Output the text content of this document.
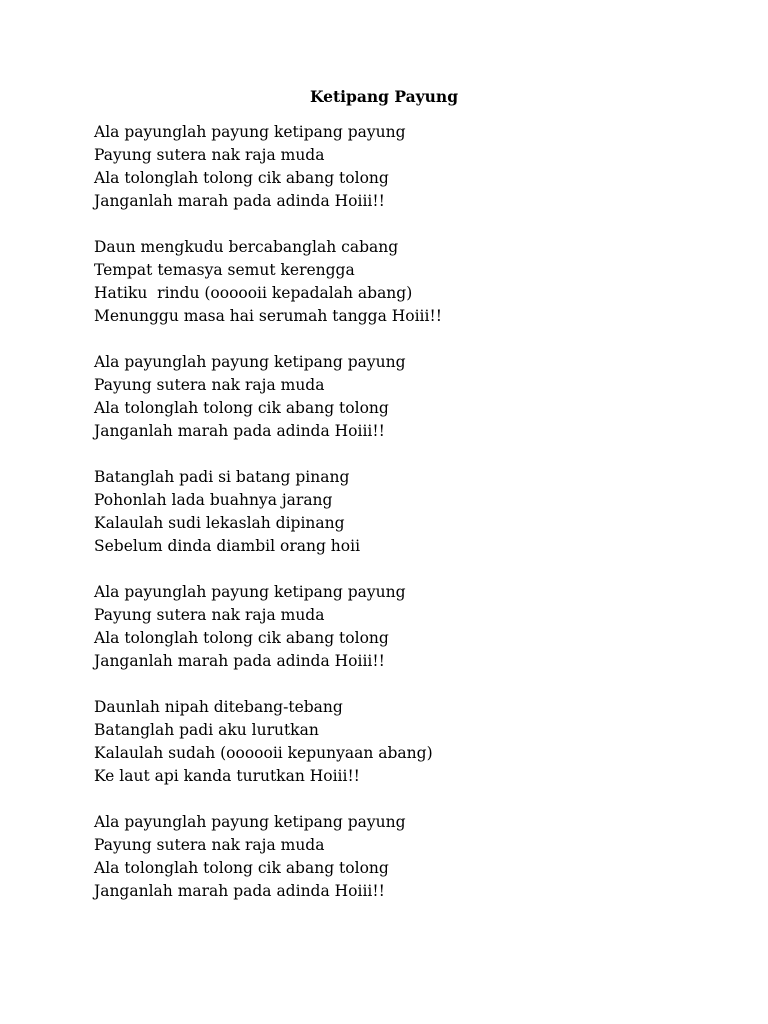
Ketipang Payung
Ala payunglah payung ketipang payung
Payung sutera nak raja muda
Ala tolonglah tolong cik abang tolong
Janganlah marah pada adinda Hoiii!!
Daun mengkudu bercabanglah cabang
Tempat temasya semut kerengga
Hatiku  rindu (oooooii kepadalah abang)
Menunggu masa hai serumah tangga Hoiii!!
Ala payunglah payung ketipang payung
Payung sutera nak raja muda
Ala tolonglah tolong cik abang tolong
Janganlah marah pada adinda Hoiii!!
Batanglah padi si batang pinang
Pohonlah lada buahnya jarang
Kalaulah sudi lekaslah dipinang
Sebelum dinda diambil orang hoii
Ala payunglah payung ketipang payung
Payung sutera nak raja muda
Ala tolonglah tolong cik abang tolong
Janganlah marah pada adinda Hoiii!!
Daunlah nipah ditebang-tebang
Batanglah padi aku lurutkan
Kalaulah sudah (oooooii kepunyaan abang)
Ke laut api kanda turutkan Hoiii!!
Ala payunglah payung ketipang payung
Payung sutera nak raja muda
Ala tolonglah tolong cik abang tolong
Janganlah marah pada adinda Hoiii!!
